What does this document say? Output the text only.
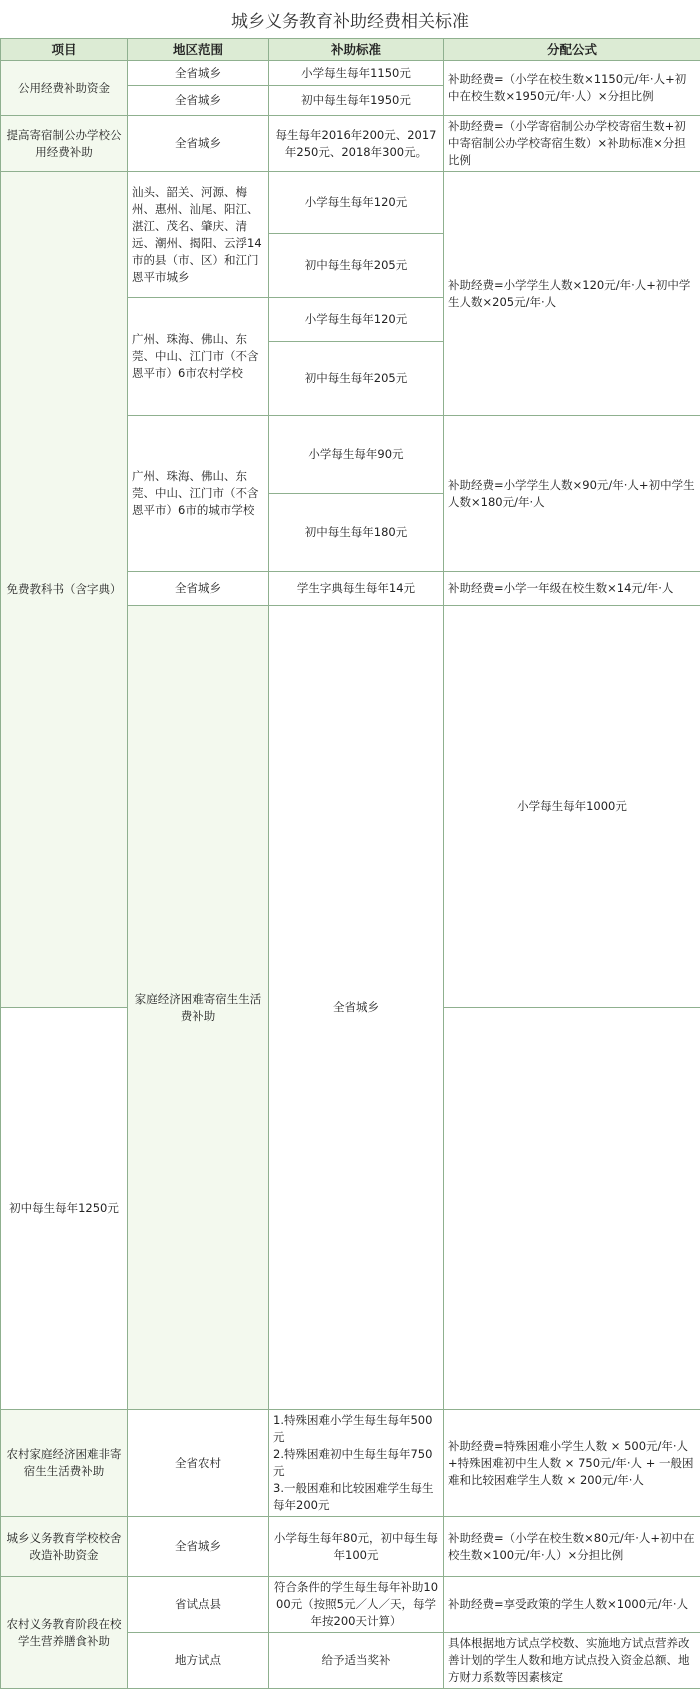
城乡义务教育补助经费相关标准
项目	地区范围	补助标准	分配公式	
公用经费补助资金	全省城乡	小学每生每年1150元	补助经费=（小学在校生数×1150元/年·人+初中在校生数×1950元/年·人）×分担比例	
	全省城乡	初中每生每年1950元		
提高寄宿制公办学校公用经费补助	全省城乡	每生每年2016年200元、2017年250元、2018年300元。	补助经费=（小学寄宿制公办学校寄宿生数+初中寄宿制公办学校寄宿生数）×补助标准×分担比例	
免费教科书（含字典）	汕头、韶关、河源、梅州、惠州、汕尾、阳江、湛江、茂名、肇庆、清远、潮州、揭阳、云浮14市的县（市、区）和江门恩平市城乡	小学每生每年120元	补助经费=小学学生人数×120元/年·人+初中学生人数×205元/年·人	
		初中每生每年205元		
	广州、珠海、佛山、东莞、中山、江门市（不含恩平市）6市农村学校	小学每生每年120元		
		初中每生每年205元		
	广州、珠海、佛山、东莞、中山、江门市（不含恩平市）6市的城市学校	小学每生每年90元	补助经费=小学学生人数×90元/年·人+初中学生人数×180元/年·人	
		初中每生每年180元		
	全省城乡	学生字典每生每年14元	补助经费=小学一年级在校生数×14元/年·人	
	家庭经济困难寄宿生生活费补助	全省城乡	小学每生每年1000元	
初中每生每年1250元				
农村家庭经济困难非寄宿生生活费补助	全省农村	1.特殊困难小学生每生每年500元
2.特殊困难初中生每生每年750元
3.一般困难和比较困难学生每生每年200元	补助经费=特殊困难小学生人数 × 500元/年·人+特殊困难初中生人数 × 750元/年·人 + 一般困难和比较困难学生人数 × 200元/年·人	
城乡义务教育学校校舍改造补助资金	全省城乡	小学每生每年80元，初中每生每年100元	补助经费=（小学在校生数×80元/年·人+初中在校生数×100元/年·人）×分担比例	
农村义务教育阶段在校学生营养膳食补助	省试点县	符合条件的学生每生每年补助1000元（按照5元／人／天，每学年按200天计算）	补助经费=享受政策的学生人数×1000元/年·人	
	地方试点	给予适当奖补	具体根据地方试点学校数、实施地方试点营养改善计划的学生人数和地方试点投入资金总额、地方财力系数等因素核定	
